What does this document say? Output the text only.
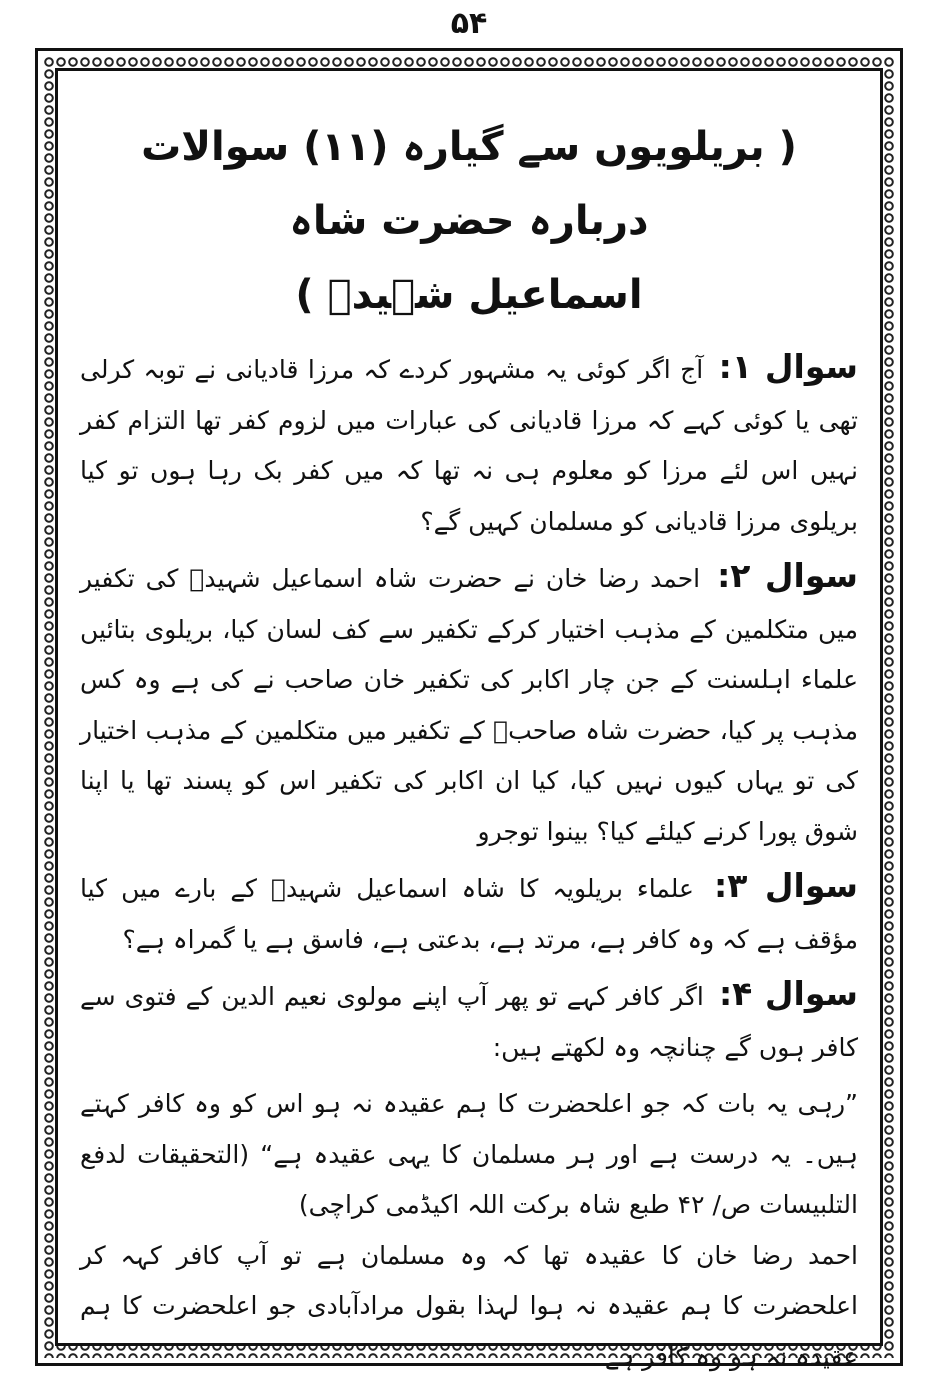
۵۴
( بریلویوں سے گیارہ (۱۱) سوالات دربارہ حضرت شاہ
اسماعیل شہیدؒ )

سوال ۱: آج اگر کوئی یہ مشہور کردے کہ مرزا قادیانی نے توبہ کرلی تھی یا کوئی کہے کہ مرزا قادیانی کی عبارات میں لزوم کفر تھا التزام کفر نہیں اس لئے مرزا کو معلوم ہی نہ تھا کہ میں کفر بک رہا ہوں تو کیا بریلوی مرزا قادیانی کو مسلمان کہیں گے؟

سوال ۲: احمد رضا خان نے حضرت شاہ اسماعیل شہیدؒ کی تکفیر میں متکلمین کے مذہب اختیار کرکے تکفیر سے کف لسان کیا، بریلوی بتائیں علماء اہلسنت کے جن چار اکابر کی تکفیر خان صاحب نے کی ہے وہ کس مذہب پر کیا، حضرت شاہ صاحبؒ کے تکفیر میں متکلمین کے مذہب اختیار کی تو یہاں کیوں نہیں کیا، کیا ان اکابر کی تکفیر اس کو پسند تھا یا اپنا شوق پورا کرنے کیلئے کیا؟ بینوا توجرو

سوال ۳: علماء بریلویہ کا شاہ اسماعیل شہیدؒ کے بارے میں کیا مؤقف ہے کہ وہ کافر ہے، مرتد ہے، بدعتی ہے، فاسق ہے یا گمراہ ہے؟

سوال ۴: اگر کافر کہے تو پھر آپ اپنے مولوی نعیم الدین کے فتوی سے کافر ہوں گے چنانچہ وہ لکھتے ہیں:

”رہی یہ بات کہ جو اعلحضرت کا ہم عقیدہ نہ ہو اس کو وہ کافر کہتے ہیں۔ یہ درست ہے اور ہر مسلمان کا یہی عقیدہ ہے“ (التحقیقات لدفع التلبیسات ص/ ۴۲ طبع شاہ برکت اللہ اکیڈمی کراچی)

احمد رضا خان کا عقیدہ تھا کہ وہ مسلمان ہے تو آپ کافر کہہ کر اعلحضرت کا ہم عقیدہ نہ ہوا لہذا بقول مرادآبادی جو اعلحضرت کا ہم عقیدہ نہ ہو وہ کافر ہے۔
